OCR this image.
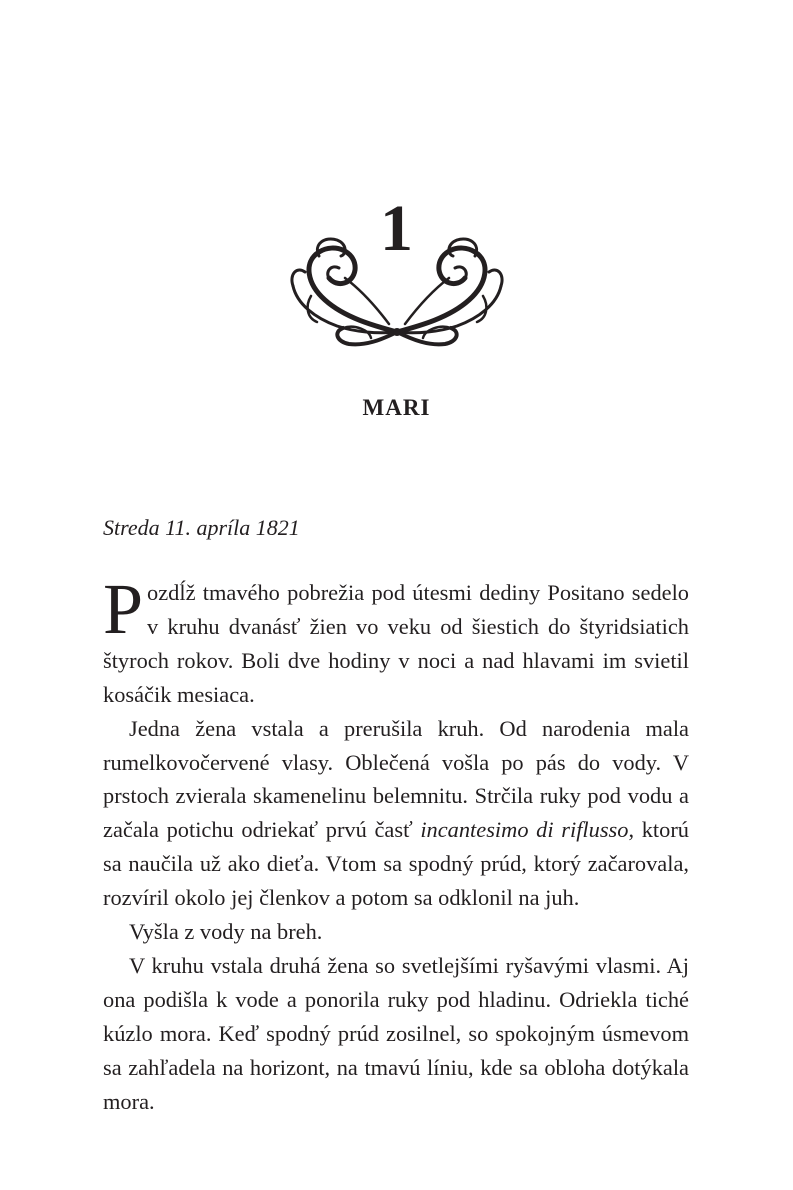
1
MARI
Streda 11. apríla 1821

Pozdĺž tmavého pobrežia pod útesmi dediny Positano sedelo v kruhu dvanásť žien vo veku od šiestich do štyridsiatich štyroch rokov. Boli dve hodiny v noci a nad hlavami im svietil kosáčik mesiaca.

Jedna žena vstala a prerušila kruh. Od narodenia mala rumelkovočervené vlasy. Oblečená vošla po pás do vody. V prstoch zvierala skamenelinu belemnitu. Strčila ruky pod vodu a začala potichu odriekať prvú časť incantesimo di riflusso, ktorú sa naučila už ako dieťa. Vtom sa spodný prúd, ktorý začarovala, rozvíril okolo jej členkov a potom sa odklonil na juh.

Vyšla z vody na breh.

V kruhu vstala druhá žena so svetlejšími ryšavými vlasmi. Aj ona podišla k vode a ponorila ruky pod hladinu. Odriekla tiché kúzlo mora. Keď spodný prúd zosilnel, so spokojným úsmevom sa zahľadela na horizont, na tmavú líniu, kde sa obloha dotýkala mora.
